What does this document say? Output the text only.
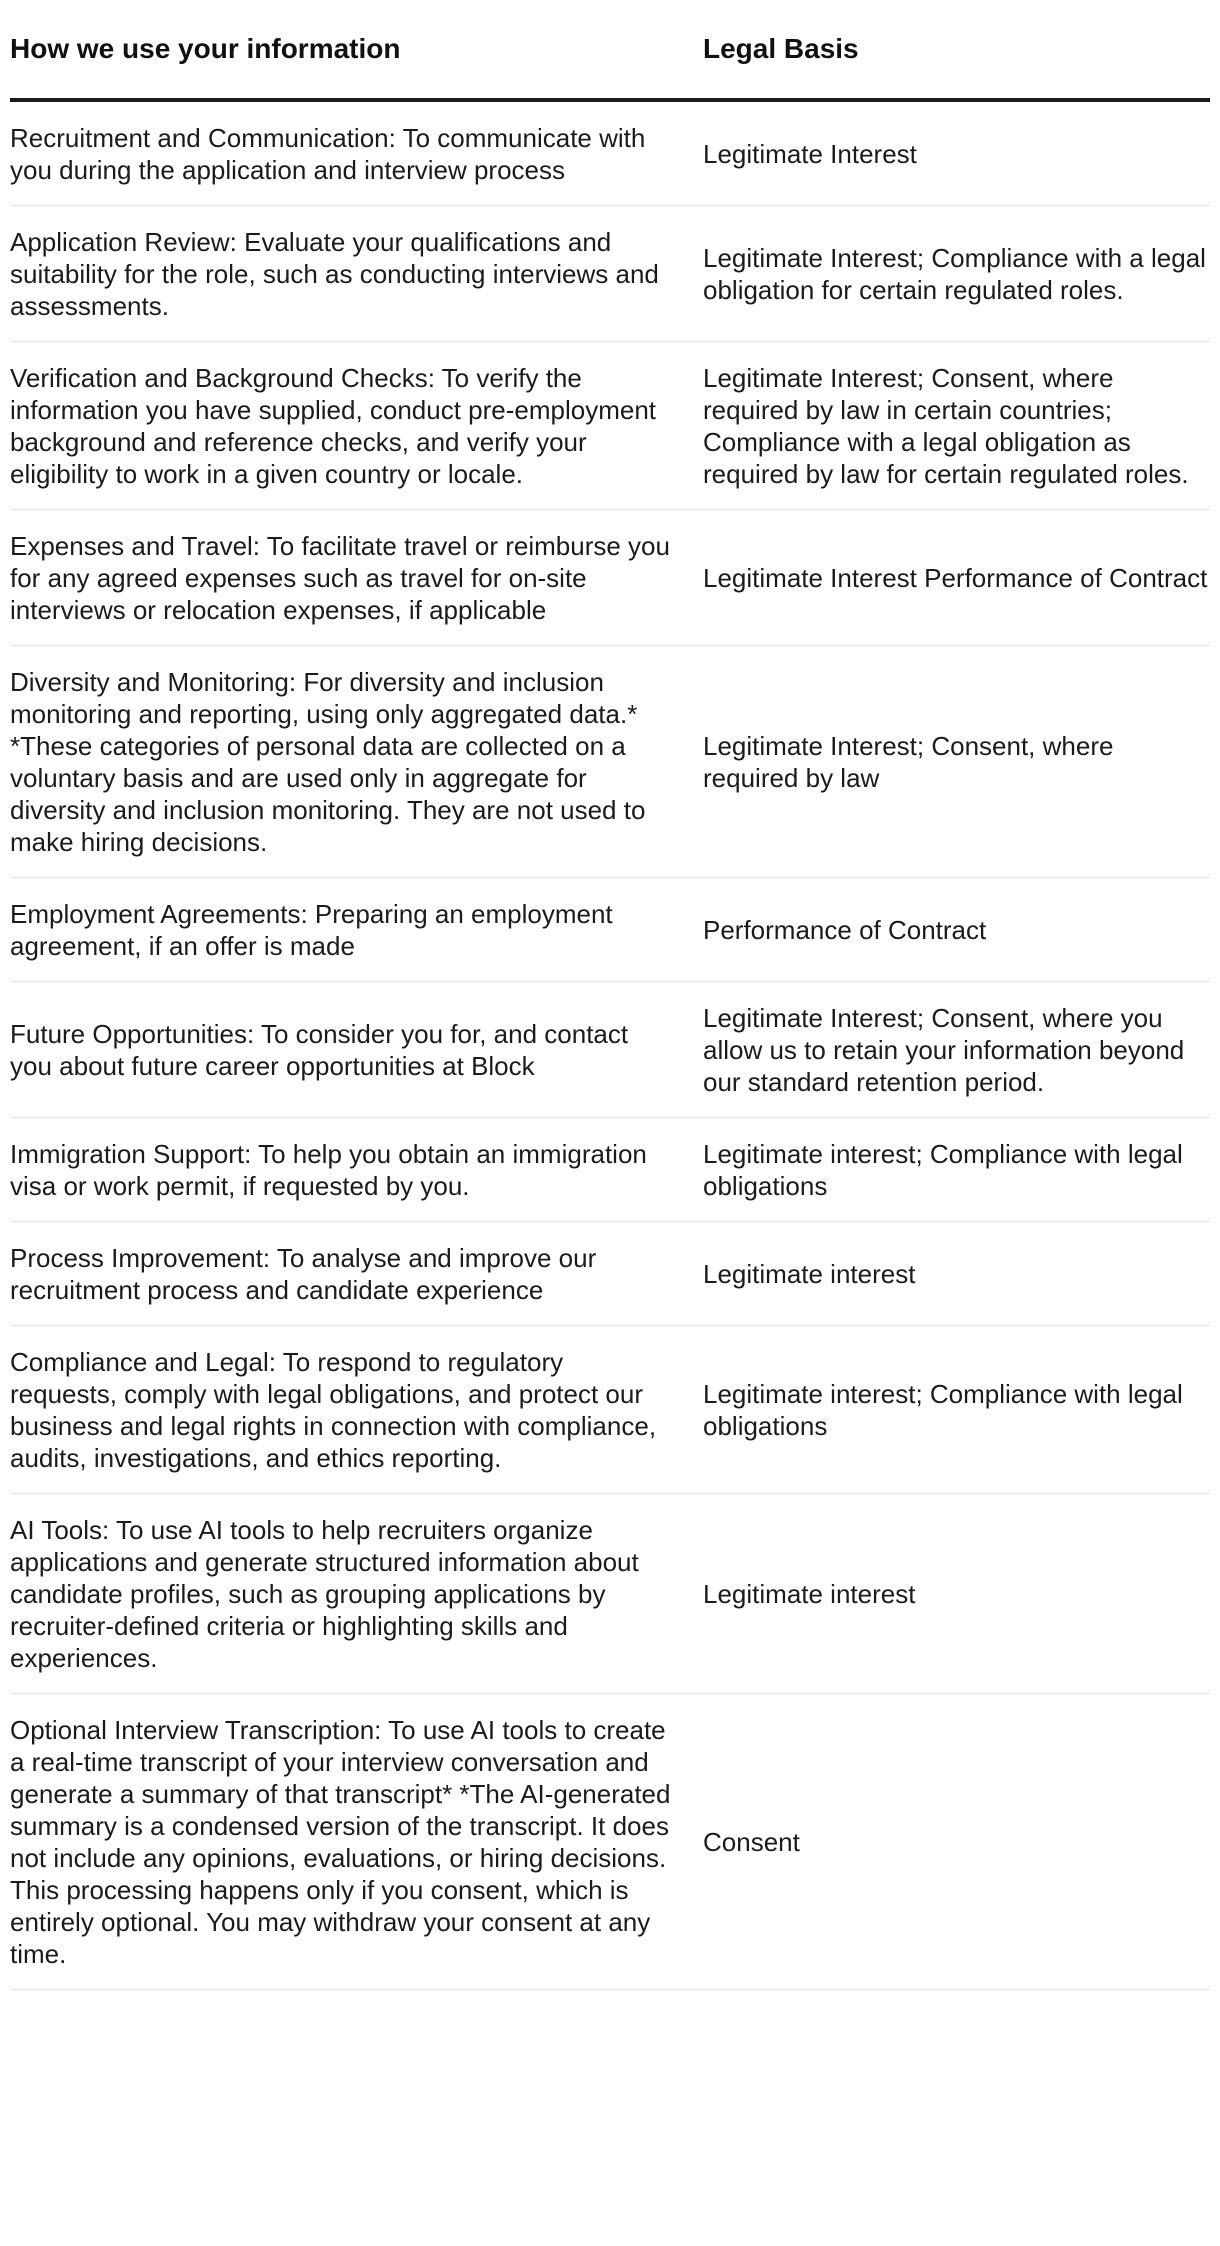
How we use your information	Legal Basis
Recruitment and Communication: To communicate with you during the application and interview process	Legitimate Interest
Application Review: Evaluate your qualifications and suitability for the role, such as conducting interviews and assessments.	Legitimate Interest; Compliance with a legal obligation for certain regulated roles.
Verification and Background Checks: To verify the information you have supplied, conduct pre-employment background and reference checks, and verify your eligibility to work in a given country or locale.	Legitimate Interest; Consent, where required by law in certain countries; Compliance with a legal obligation as required by law for certain regulated roles.
Expenses and Travel: To facilitate travel or reimburse you for any agreed expenses such as travel for on-site interviews or relocation expenses, if applicable	Legitimate Interest Performance of Contract
Diversity and Monitoring: For diversity and inclusion monitoring and reporting, using only aggregated data.* *These categories of personal data are collected on a voluntary basis and are used only in aggregate for diversity and inclusion monitoring. They are not used to make hiring decisions.	Legitimate Interest; Consent, where required by law
Employment Agreements: Preparing an employment agreement, if an offer is made	Performance of Contract
Future Opportunities: To consider you for, and contact you about future career opportunities at Block	Legitimate Interest; Consent, where you allow us to retain your information beyond our standard retention period.
Immigration Support: To help you obtain an immigration visa or work permit, if requested by you.	Legitimate interest; Compliance with legal obligations
Process Improvement: To analyse and improve our recruitment process and candidate experience	Legitimate interest
Compliance and Legal: To respond to regulatory requests, comply with legal obligations, and protect our business and legal rights in connection with compliance, audits, investigations, and ethics reporting.	Legitimate interest; Compliance with legal obligations
AI Tools: To use AI tools to help recruiters organize applications and generate structured information about candidate profiles, such as grouping applications by recruiter-defined criteria or highlighting skills and experiences.	Legitimate interest
Optional Interview Transcription: To use AI tools to create a real-time transcript of your interview conversation and generate a summary of that transcript* *The AI-generated summary is a condensed version of the transcript. It does not include any opinions, evaluations, or hiring decisions. This processing happens only if you consent, which is entirely optional. You may withdraw your consent at any time.	Consent
